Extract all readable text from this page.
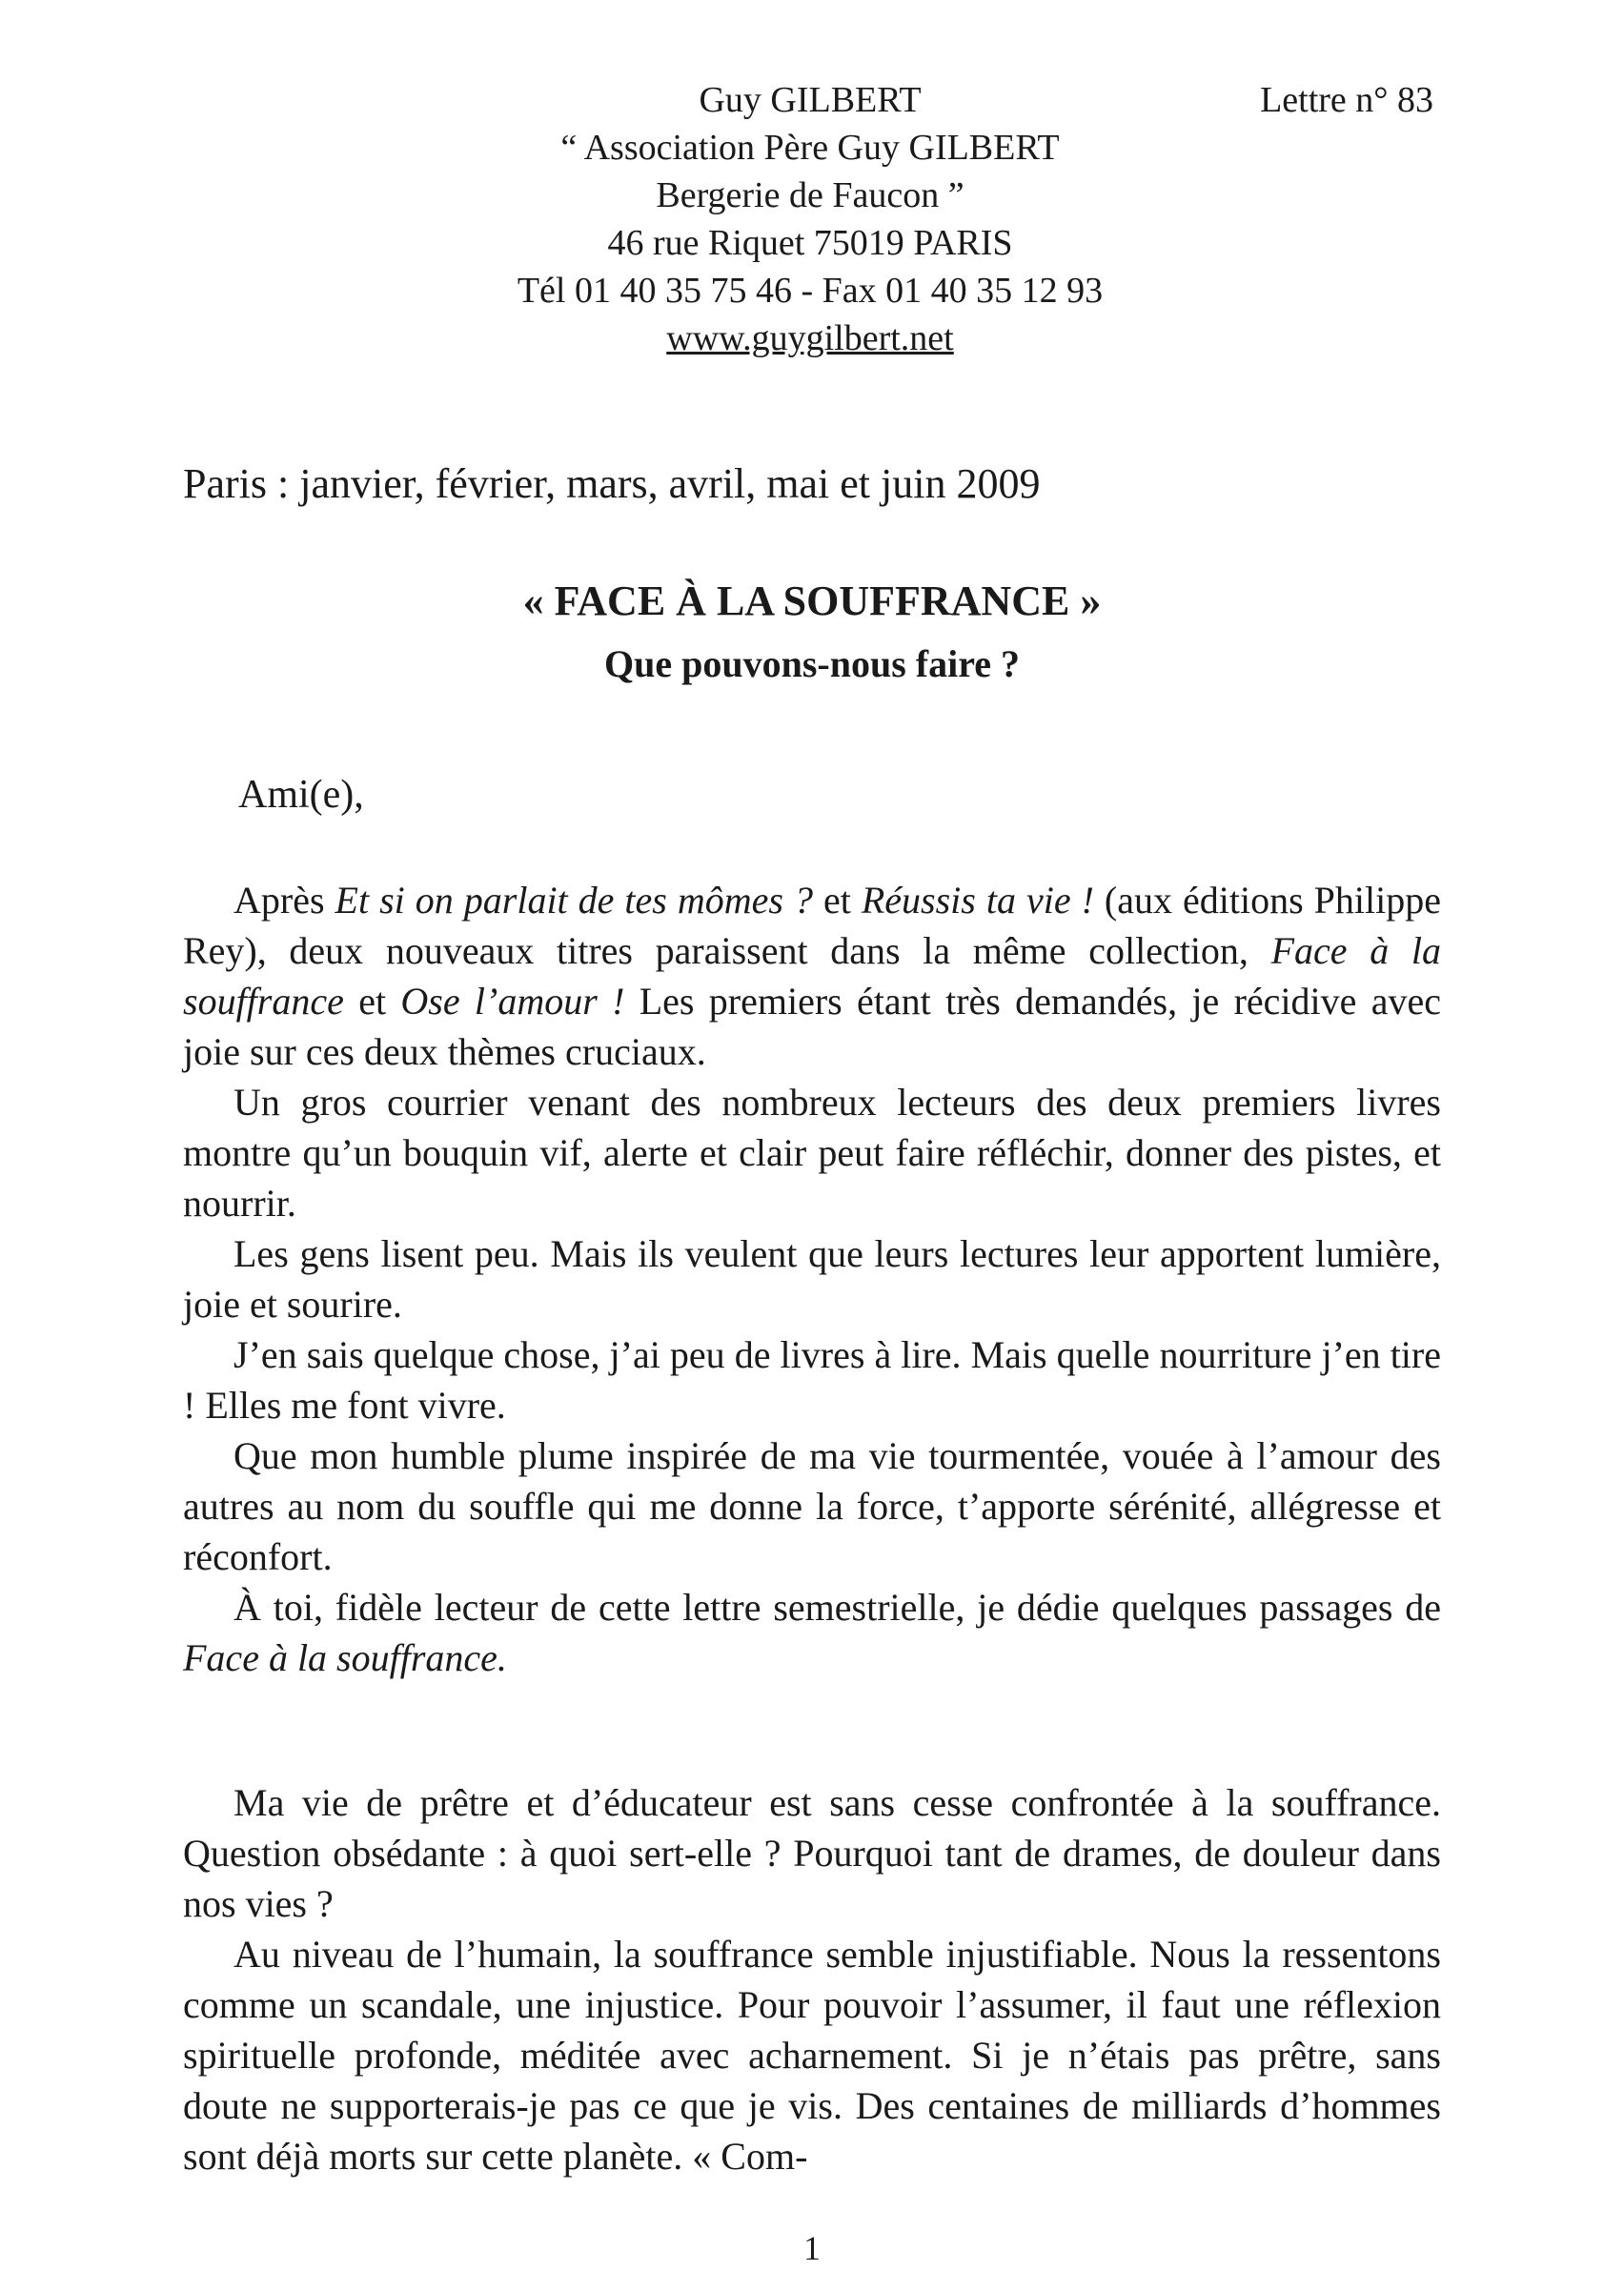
Guy GILBERT
“ Association Père Guy GILBERT
Bergerie de Faucon ”
46 rue Riquet 75019 PARIS
Tél 01 40 35 75 46 - Fax 01 40 35 12 93
www.guygilbert.net
Lettre n° 83
Paris : janvier, février, mars, avril, mai et juin 2009
« FACE À LA SOUFFRANCE »
Que pouvons-nous faire ?
Ami(e),

Après Et si on parlait de tes mômes ? et Réussis ta vie ! (aux éditions Philippe Rey), deux nouveaux titres paraissent dans la même collection, Face à la souffrance et Ose l’amour ! Les premiers étant très demandés, je récidive avec joie sur ces deux thèmes cruciaux.

Un gros courrier venant des nombreux lecteurs des deux premiers livres montre qu’un bouquin vif, alerte et clair peut faire réfléchir, donner des pistes, et nourrir.

Les gens lisent peu. Mais ils veulent que leurs lectures leur apportent lumière, joie et sourire.

J’en sais quelque chose, j’ai peu de livres à lire. Mais quelle nourriture j’en tire ! Elles me font vivre.

Que mon humble plume inspirée de ma vie tourmentée, vouée à l’amour des autres au nom du souffle qui me donne la force, t’apporte sérénité, allégresse et réconfort.

À toi, fidèle lecteur de cette lettre semestrielle, je dédie quelques passages de Face à la souffrance.

Ma vie de prêtre et d’éducateur est sans cesse confrontée à la souffrance. Question obsédante : à quoi sert-elle ? Pourquoi tant de drames, de douleur dans nos vies ?

Au niveau de l’humain, la souffrance semble injustifiable. Nous la ressentons comme un scandale, une injustice. Pour pouvoir l’assumer, il faut une réflexion spirituelle profonde, méditée avec acharnement. Si je n’étais pas prêtre, sans doute ne supporterais-je pas ce que je vis. Des centaines de milliards d’hommes sont déjà morts sur cette planète. « Com-

1
